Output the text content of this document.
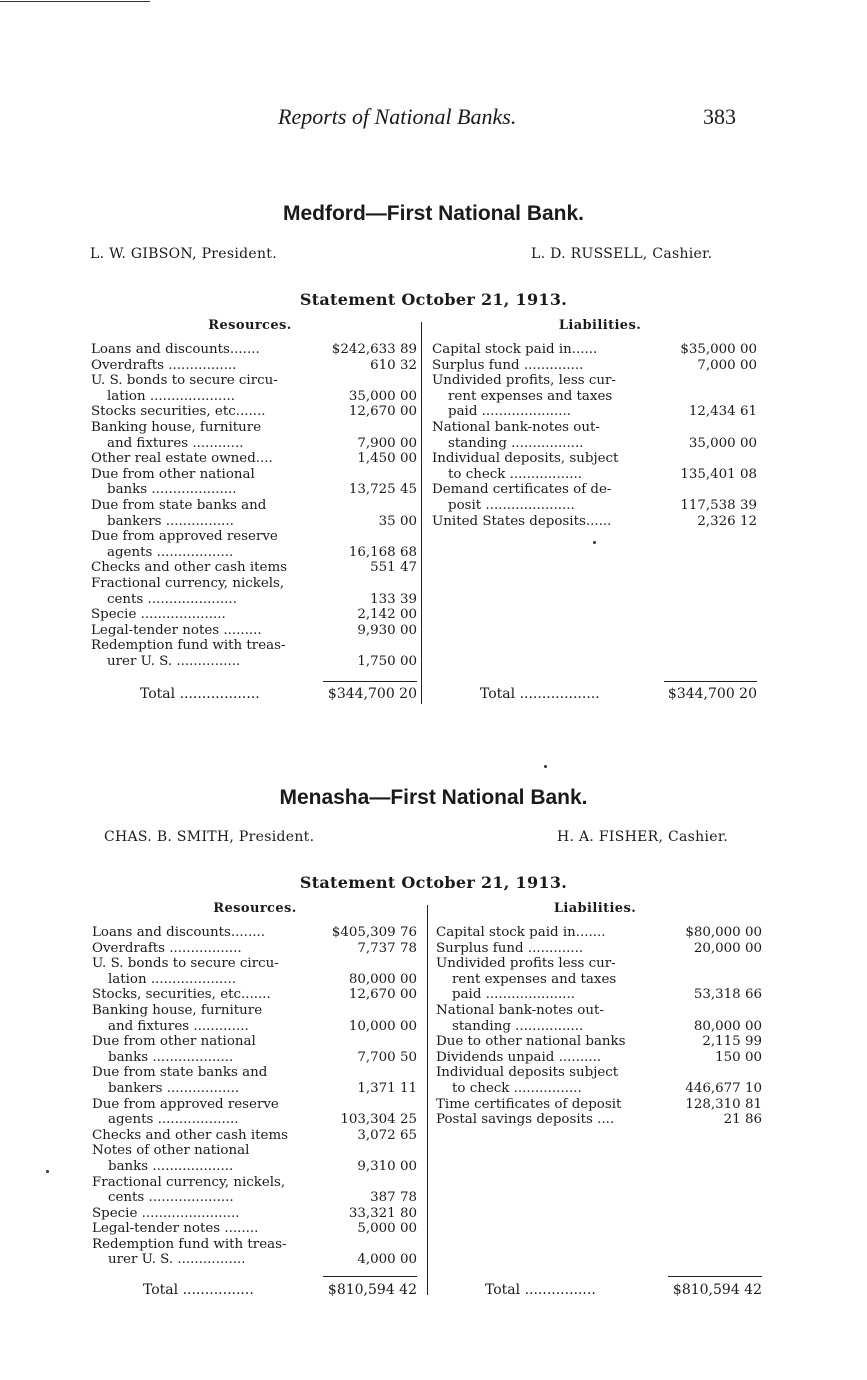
Reports of National Banks.	383
Medford—First National Bank.
L. W. GIBSON, President.	L. D. RUSSELL, Cashier.
Statement October 21, 1913.
Resources.	Liabilities.
Loans and discounts.......	$242,633 89
Overdrafts ................	610 32
U. S. bonds to secure circu-
lation ....................	35,000 00
Stocks securities, etc.......	12,670 00
Banking house, furniture
and fixtures ............	7,900 00
Other real estate owned....	1,450 00
Due from other national
banks ....................	13,725 45
Due from state banks and
bankers ................	35 00
Due from approved reserve
agents ..................	16,168 68
Checks and other cash items	551 47
Fractional currency, nickels,
cents .....................	133 39
Specie ....................	2,142 00
Legal-tender notes .........	9,930 00
Redemption fund with treas-
urer U. S. ...............	1,750 00
Capital stock paid in......	$35,000 00
Surplus fund ..............	7,000 00
Undivided profits, less cur-
rent expenses and taxes
paid .....................	12,434 61
National bank-notes out-
standing .................	35,000 00
Individual deposits, subject
to check .................	135,401 08
Demand certificates of de-
posit .....................	117,538 39
United States deposits......	2,326 12
Total ..................	$344,700 20	Total ..................	$344,700 20
Menasha—First National Bank.
CHAS. B. SMITH, President.	H. A. FISHER, Cashier.
Statement October 21, 1913.
Resources.	Liabilities.
Loans and discounts........	$405,309 76
Overdrafts .................	7,737 78
U. S. bonds to secure circu-
lation ....................	80,000 00
Stocks, securities, etc.......	12,670 00
Banking house, furniture
and fixtures .............	10,000 00
Due from other national
banks ...................	7,700 50
Due from state banks and
bankers .................	1,371 11
Due from approved reserve
agents ...................	103,304 25
Checks and other cash items	3,072 65
Notes of other national
banks ...................	9,310 00
Fractional currency, nickels,
cents ....................	387 78
Specie .......................	33,321 80
Legal-tender notes ........	5,000 00
Redemption fund with treas-
urer U. S. ................	4,000 00
Capital stock paid in.......	$80,000 00
Surplus fund .............	20,000 00
Undivided profits less cur-
rent expenses and taxes
paid .....................	53,318 66
National bank-notes out-
standing ................	80,000 00
Due to other national banks	2,115 99
Dividends unpaid ..........	150 00
Individual deposits subject
to check ................	446,677 10
Time certificates of deposit	128,310 81
Postal savings deposits ....	21 86
Total ................	$810,594 42	Total ................	$810,594 42
